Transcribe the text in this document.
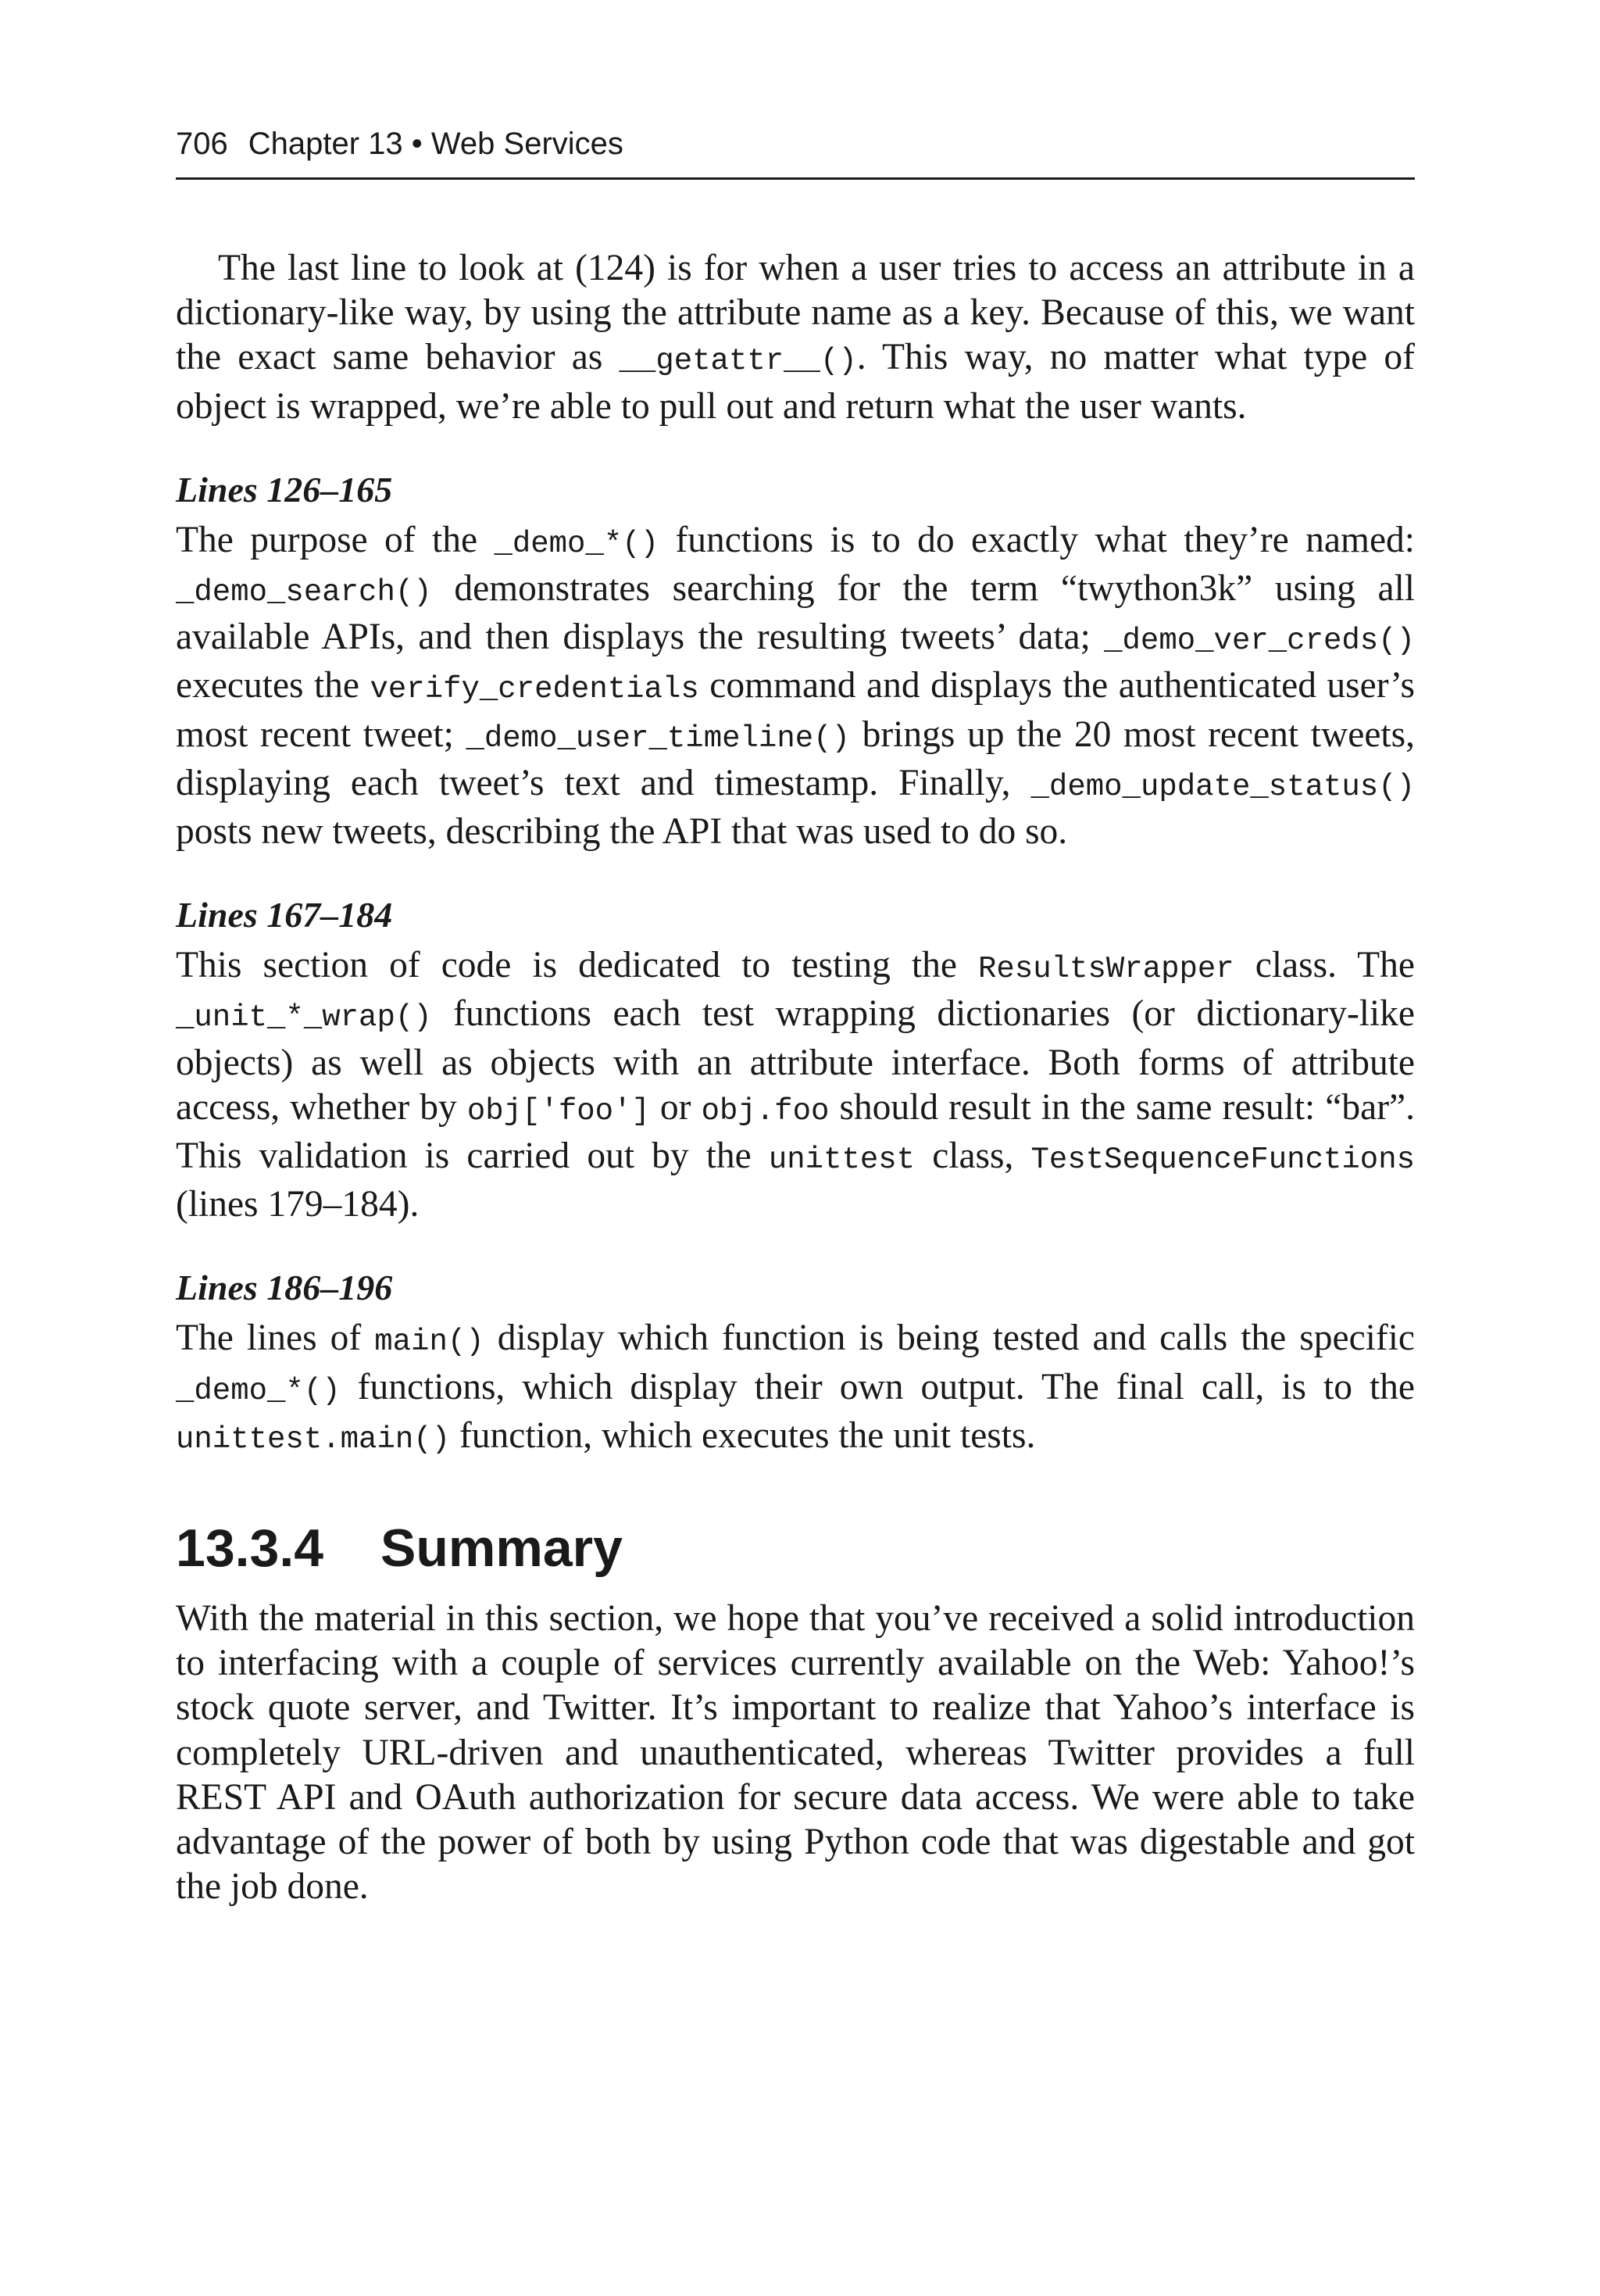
706 Chapter 13 • Web Services

The last line to look at (124) is for when a user tries to access an attribute in a dictionary-like way, by using the attribute name as a key. Because of this, we want the exact same behavior as __getattr__(). This way, no matter what type of object is wrapped, we’re able to pull out and return what the user wants.

Lines 126–165

The purpose of the _demo_*() functions is to do exactly what they’re named: _demo_search() demonstrates searching for the term “twython3k” using all available APIs, and then displays the resulting tweets’ data; _demo_ver_creds() executes the verify_credentials command and displays the authenticated user’s most recent tweet; _demo_user_timeline() brings up the 20 most recent tweets, displaying each tweet’s text and timestamp. Finally, _demo_update_status() posts new tweets, describing the API that was used to do so.

Lines 167–184

This section of code is dedicated to testing the ResultsWrapper class. The _unit_*_wrap() functions each test wrapping dictionaries (or dictionary-like objects) as well as objects with an attribute interface. Both forms of attribute access, whether by obj['foo'] or obj.foo should result in the same result: “bar”. This validation is carried out by the unittest class, TestSequenceFunctions (lines 179–184).

Lines 186–196

The lines of main() display which function is being tested and calls the specific _demo_*() functions, which display their own output. The final call, is to the unittest.main() function, which executes the unit tests.

13.3.4 Summary

With the material in this section, we hope that you’ve received a solid introduction to interfacing with a couple of services currently available on the Web: Yahoo!’s stock quote server, and Twitter. It’s important to realize that Yahoo’s interface is completely URL-driven and unauthenticated, whereas Twitter provides a full REST API and OAuth authorization for secure data access. We were able to take advantage of the power of both by using Python code that was digestable and got the job done.
